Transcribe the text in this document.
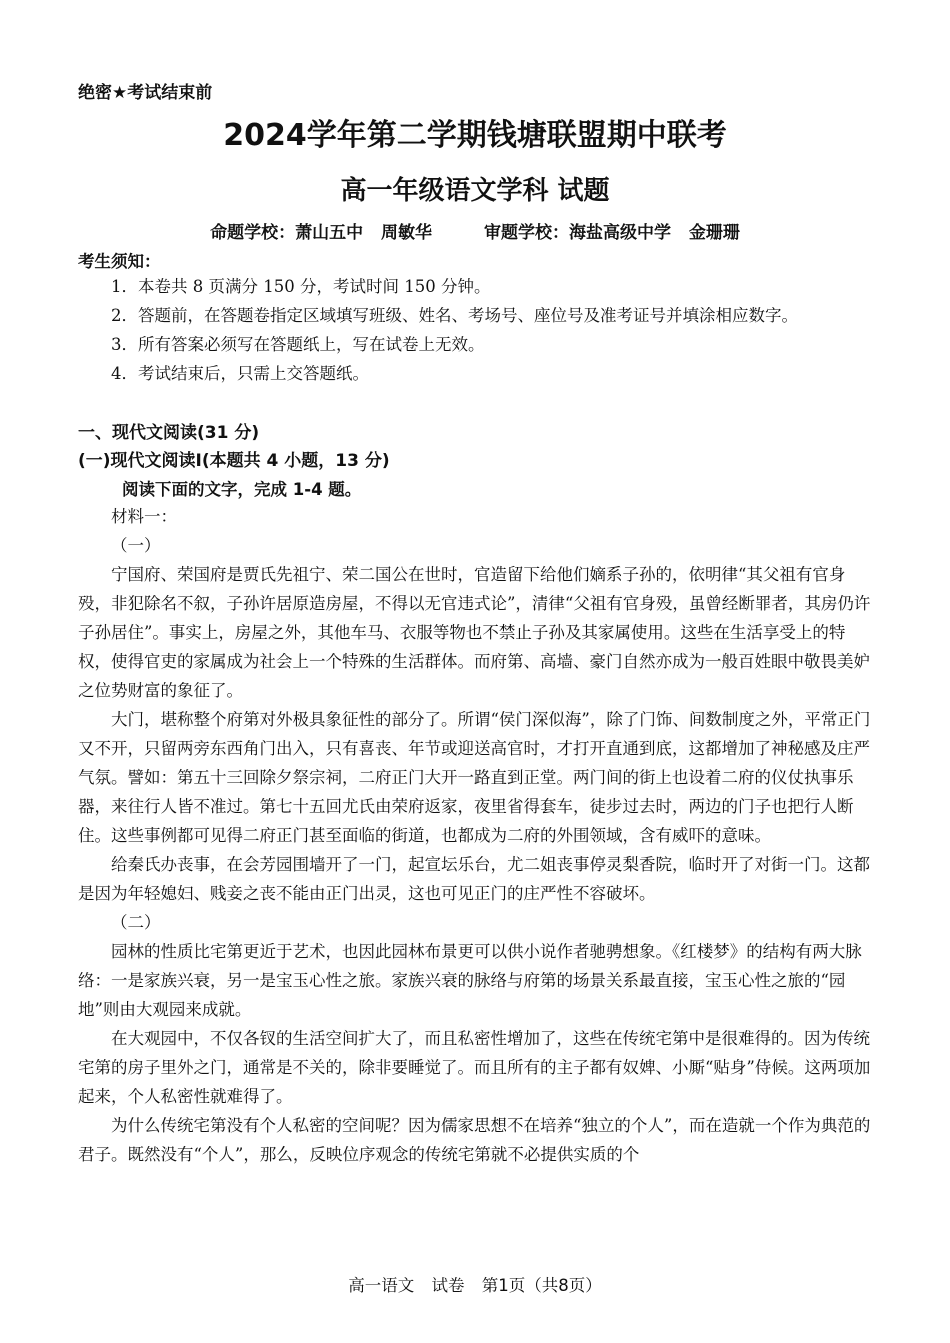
绝密★考试结束前
2024学年第二学期钱塘联盟期中联考
高一年级语文学科 试题
命题学校：萧山五中 周敏华	审题学校：海盐高级中学 金珊珊
考生须知：

1．本卷共 8 页满分 150 分，考试时间 150 分钟。

2．答题前，在答题卷指定区域填写班级、姓名、考场号、座位号及准考证号并填涂相应数字。

3．所有答案必须写在答题纸上，写在试卷上无效。

4．考试结束后，只需上交答题纸。

一、现代文阅读(31 分)
(一)现代文阅读Ⅰ(本题共 4 小题，13 分)
阅读下面的文字，完成 1-4 题。

材料一：

（一）

宁国府、荣国府是贾氏先祖宁、荣二国公在世时，官造留下给他们嫡系子孙的，依明律“其父祖有官身殁，非犯除名不叙，子孙许居原造房屋，不得以无官违式论”，清律“父祖有官身殁，虽曾经断罪者，其房仍许子孙居住”。事实上，房屋之外，其他车马、衣服等物也不禁止子孙及其家属使用。这些在生活享受上的特权，使得官吏的家属成为社会上一个特殊的生活群体。而府第、高墙、豪门自然亦成为一般百姓眼中敬畏美妒之位势财富的象征了。

大门，堪称整个府第对外极具象征性的部分了。所谓“侯门深似海”，除了门饰、间数制度之外，平常正门又不开，只留两旁东西角门出入，只有喜丧、年节或迎送高官时，才打开直通到底，这都增加了神秘感及庄严气氛。譬如：第五十三回除夕祭宗祠，二府正门大开一路直到正堂。两门间的街上也设着二府的仪仗执事乐器，来往行人皆不准过。第七十五回尤氏由荣府返家，夜里省得套车，徒步过去时，两边的门子也把行人断住。这些事例都可见得二府正门甚至面临的街道，也都成为二府的外围领域，含有威吓的意味。

给秦氏办丧事，在会芳园围墙开了一门，起宣坛乐台，尤二姐丧事停灵梨香院，临时开了对街一门。这都是因为年轻媳妇、贱妾之丧不能由正门出灵，这也可见正门的庄严性不容破坏。

（二）

园林的性质比宅第更近于艺术，也因此园林布景更可以供小说作者驰骋想象。《红楼梦》的结构有两大脉络：一是家族兴衰，另一是宝玉心性之旅。家族兴衰的脉络与府第的场景关系最直接，宝玉心性之旅的“园地”则由大观园来成就。

在大观园中，不仅各钗的生活空间扩大了，而且私密性增加了，这些在传统宅第中是很难得的。因为传统宅第的房子里外之门，通常是不关的，除非要睡觉了。而且所有的主子都有奴婢、小厮“贴身”侍候。这两项加起来，个人私密性就难得了。

为什么传统宅第没有个人私密的空间呢？因为儒家思想不在培养“独立的个人”，而在造就一个作为典范的君子。既然没有“个人”，那么，反映位序观念的传统宅第就不必提供实质的个

高一语文 试卷 第1页（共8页）
